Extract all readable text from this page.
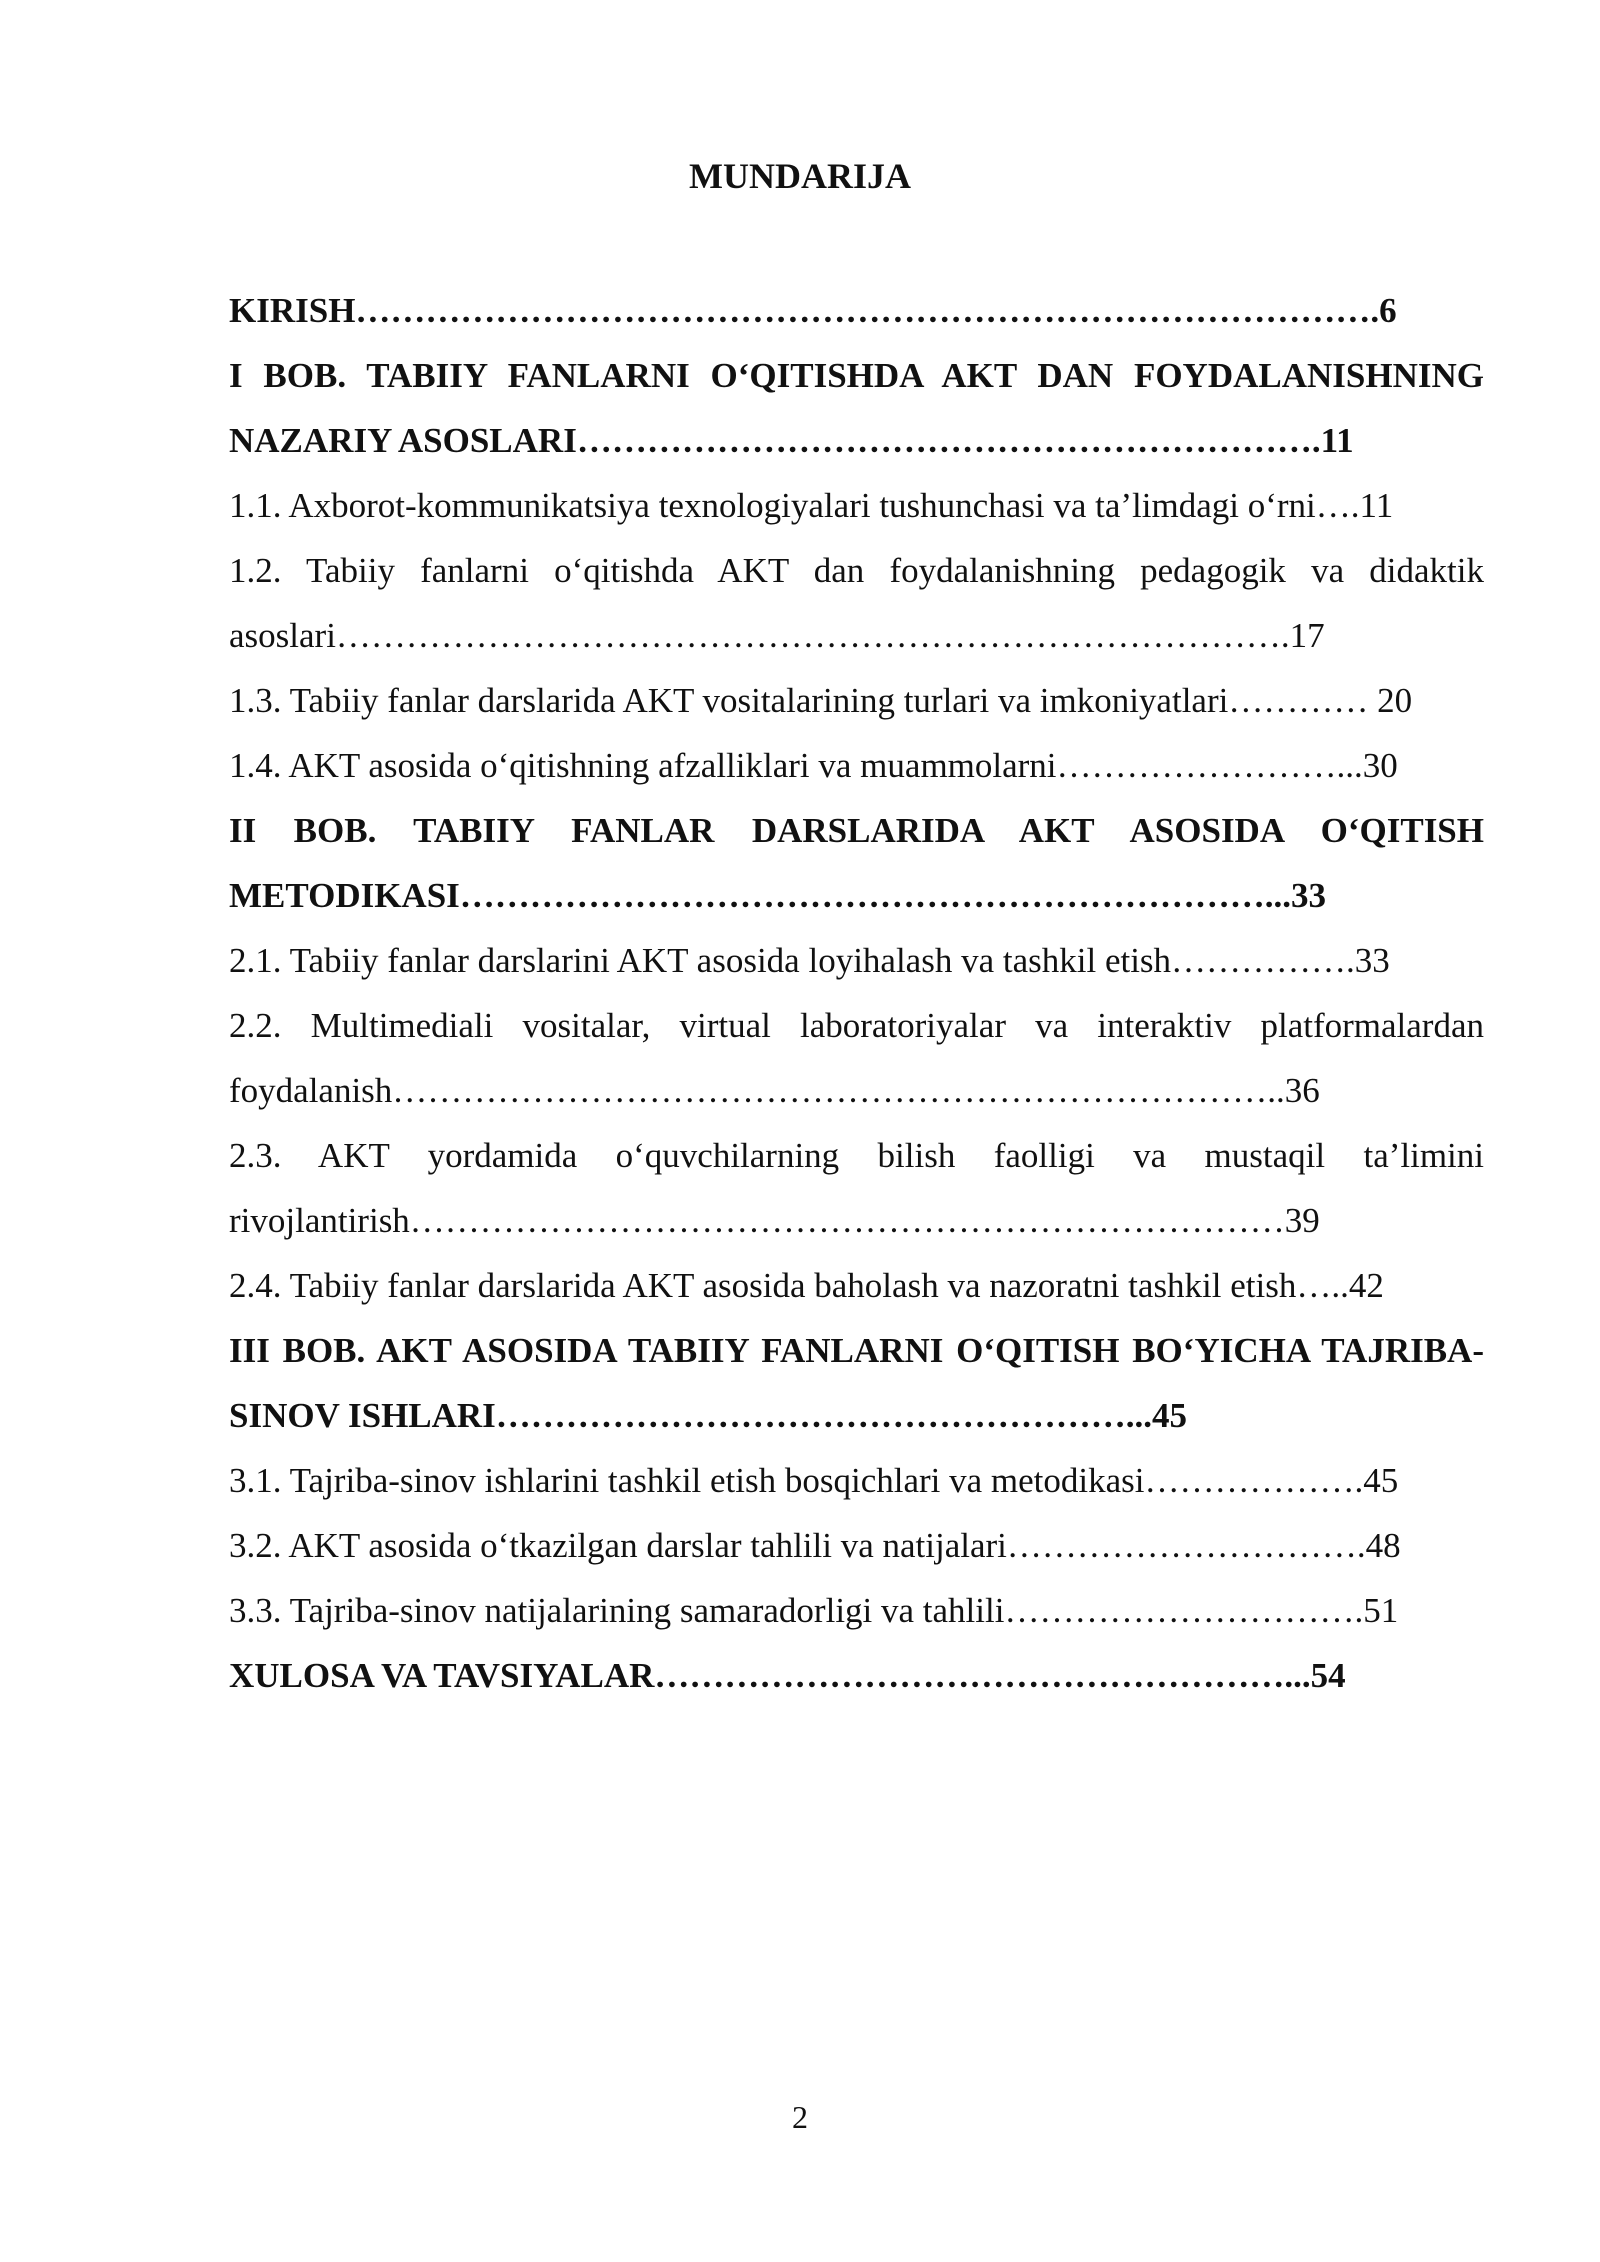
MUNDARIJA
KIRISH…………………………………………………………………………….6
I BOB. TABIIY FANLARNI O‘QITISHDA AKT DAN FOYDALANISHNING NAZARIY ASOSLARI……………………………………………………….11
1.1. Axborot-kommunikatsiya texnologiyalari tushunchasi va ta’limdagi o‘rni….11
1.2. Tabiiy fanlarni o‘qitishda AKT dan foydalanishning pedagogik va didaktik asoslari……………………………………………………………………….17
1.3. Tabiiy fanlar darslarida AKT vositalarining turlari va imkoniyatlari………… 20
1.4. AKT asosida o‘qitishning afzalliklari va muammolarni……………………...30
II BOB. TABIIY FANLAR DARSLARIDA AKT ASOSIDA O‘QITISH METODIKASI……………………………………………………………...33
2.1. Tabiiy fanlar darslarini AKT asosida loyihalash va tashkil etish…………….33
2.2. Multimediali vositalar, virtual laboratoriyalar va interaktiv platformalardan foydalanish…………………………………………………………………..36
2.3. AKT yordamida o‘quvchilarning bilish faolligi va mustaqil ta’limini rivojlantirish…………………………………………………………………39
2.4. Tabiiy fanlar darslarida AKT asosida baholash va nazoratni tashkil etish…..42
III BOB. AKT ASOSIDA TABIIY FANLARNI O‘QITISH BO‘YICHA TAJRIBA-SINOV ISHLARI………………………………………………...45
3.1. Tajriba-sinov ishlarini tashkil etish bosqichlari va metodikasi……………….45
3.2. AKT asosida o‘tkazilgan darslar tahlili va natijalari………………………….48
3.3. Tajriba-sinov natijalarining samaradorligi va tahlili………………………….51
XULOSA VA TAVSIYALAR………………………………………………...54
2
